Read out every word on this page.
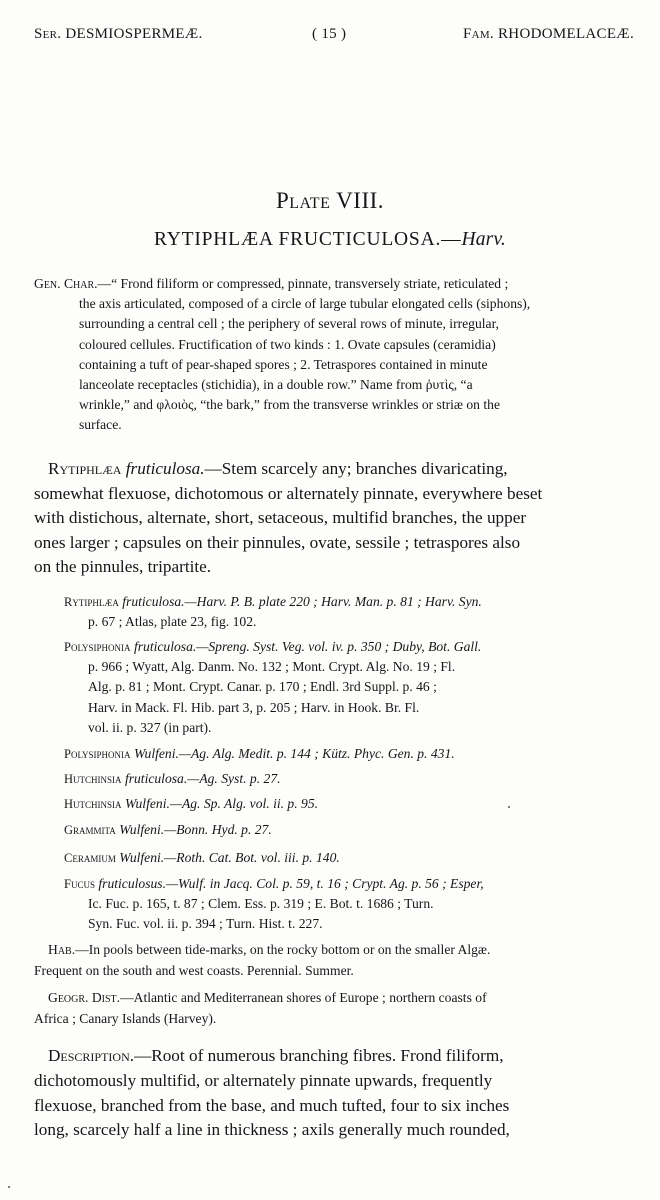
Ser. DESMIOSPERMEÆ.	( 15 )	Fam. RHODOMELACEÆ.
Plate VIII.
RYTIPHLÆA FRUCTICULOSA.—Harv.
Gen. Char.—“ Frond filiform or compressed, pinnate, transversely striate, reticulated ;
the axis articulated, composed of a circle of large tubular elongated cells (siphons),
surrounding a central cell ; the periphery of several rows of minute, irregular,
coloured cellules. Fructification of two kinds : 1. Ovate capsules (ceramidia)
containing a tuft of pear-shaped spores ; 2. Tetraspores contained in minute
lanceolate receptacles (stichidia), in a double row.” Name from ῥυτὶς, “a
wrinkle,” and φλοιὸς, “the bark,” from the transverse wrinkles or striæ on the
surface.
Rytiphlæa fruticulosa.—Stem scarcely any; branches divaricating,
somewhat flexuose, dichotomous or alternately pinnate, everywhere beset
with distichous, alternate, short, setaceous, multifid branches, the upper
ones larger ; capsules on their pinnules, ovate, sessile ; tetraspores also
on the pinnules, tripartite.
Rytiphlæa fruticulosa.—Harv. P. B. plate 220 ; Harv. Man. p. 81 ; Harv. Syn.
p. 67 ; Atlas, plate 23, fig. 102.
Polysiphonia fruticulosa.—Spreng. Syst. Veg. vol. iv. p. 350 ; Duby, Bot. Gall.
p. 966 ; Wyatt, Alg. Danm. No. 132 ; Mont. Crypt. Alg. No. 19 ; Fl.
Alg. p. 81 ; Mont. Crypt. Canar. p. 170 ; Endl. 3rd Suppl. p. 46 ;
Harv. in Mack. Fl. Hib. part 3, p. 205 ; Harv. in Hook. Br. Fl.
vol. ii. p. 327 (in part).
Polysiphonia Wulfeni.—Ag. Alg. Medit. p. 144 ; Kütz. Phyc. Gen. p. 431.
Hutchinsia fruticulosa.—Ag. Syst. p. 27.
Hutchinsia Wulfeni.—Ag. Sp. Alg. vol. ii. p. 95.
Grammita Wulfeni.—Bonn. Hyd. p. 27.
Ceramium Wulfeni.—Roth. Cat. Bot. vol. iii. p. 140.
Fucus fruticulosus.—Wulf. in Jacq. Col. p. 59, t. 16 ; Crypt. Ag. p. 56 ; Esper,
Ic. Fuc. p. 165, t. 87 ; Clem. Ess. p. 319 ; E. Bot. t. 1686 ; Turn.
Syn. Fuc. vol. ii. p. 394 ; Turn. Hist. t. 227.
Hab.—In pools between tide-marks, on the rocky bottom or on the smaller Algæ.
Frequent on the south and west coasts. Perennial. Summer.
Geogr. Dist.—Atlantic and Mediterranean shores of Europe ; northern coasts of
Africa ; Canary Islands (Harvey).
Description.—Root of numerous branching fibres. Frond filiform,
dichotomously multifid, or alternately pinnate upwards, frequently
flexuose, branched from the base, and much tufted, four to six inches
long, scarcely half a line in thickness ; axils generally much rounded,
